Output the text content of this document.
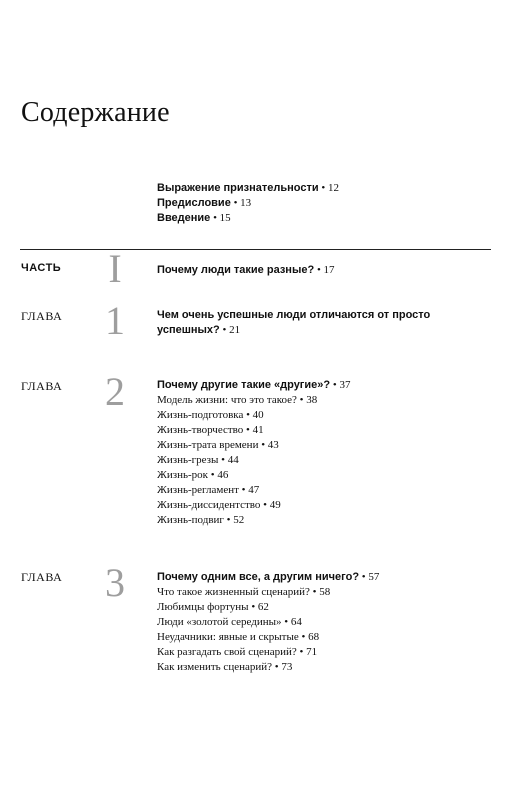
Содержание
Выражение признательности • 12
Предисловие • 13
Введение • 15
ЧАСТЬ	I	Почему люди такие разные? • 17
ГЛАВА 1	Чем очень успешные люди отличаются от просто успешных? • 21
ГЛАВА 2	Почему другие такие «другие»? • 37
Модель жизни: что это такое? • 38
Жизнь-подготовка • 40
Жизнь-творчество • 41
Жизнь-трата времени • 43
Жизнь-грезы • 44
Жизнь-рок • 46
Жизнь-регламент • 47
Жизнь-диссидентство • 49
Жизнь-подвиг • 52
ГЛАВА 3	Почему одним все, а другим ничего? • 57
Что такое жизненный сценарий? • 58
Любимцы фортуны • 62
Люди «золотой середины» • 64
Неудачники: явные и скрытые • 68
Как разгадать свой сценарий? • 71
Как изменить сценарий? • 73
